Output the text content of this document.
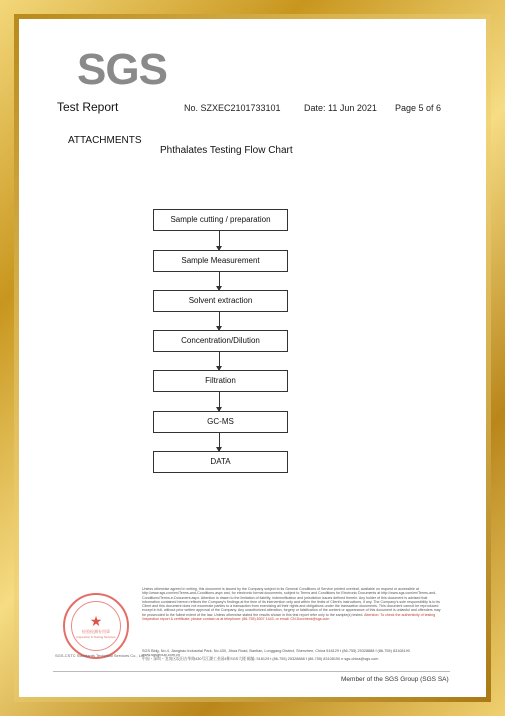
SGS
Test Report	No. SZXEC2101733101	Date: 11 Jun 2021 Page 5 of 6
ATTACHMENTS
Phthalates Testing Flow Chart
Sample cutting / preparation
Sample Measurement
Solvent extraction
Concentration/Dilution
Filtration
GC-MS
DATA
★
检验检测专用章
Inspection & Testing Services
Unless otherwise agreed in writing, this document is issued by the Company subject to its General Conditions of Service printed overleaf, available on request or accessible at http://www.sgs.com/en/Terms-and-Conditions.aspx and, for electronic format documents, subject to Terms and Conditions for Electronic Documents at http://www.sgs.com/en/Terms-and-Conditions/Terms-e-Document.aspx. Attention is drawn to the limitation of liability, indemnification and jurisdiction issues defined therein. Any holder of this document is advised that information contained hereon reflects the Company's findings at the time of its intervention only and within the limits of Client's instructions, if any. The Company's sole responsibility is to its Client and this document does not exonerate parties to a transaction from exercising all their rights and obligations under the transaction documents. This document cannot be reproduced except in full, without prior written approval of the Company. Any unauthorized alteration, forgery or falsification of the content or appearance of this document is unlawful and offenders may be prosecuted to the fullest extent of the law. Unless otherwise stated the results shown in this test report refer only to the sample(s) tested. Attention: To check the authenticity of testing /inspection report & certificate, please contact us at telephone: (86-755) 8307 1443, or email: CN.Doccheck@sgs.com
SGS Bldg, No.4, Jianghao Industrial Park, No.430, Jihua Road, Bantian, Longgang District, Shenzhen, China 518129 t (86-755) 25328888 f (86-755) 83108190 www.sgsgroup.com.cn
中国・深圳・龙岗区坂田吉华路430号江灏工业园4栋SGS大楼 邮编: 518129 t (86-755) 25328888 f (86-755) 83108190 e sgs.china@sgs.com
SGS-CSTC Standards Technical Services Co., Ltd.
Member of the SGS Group (SGS SA)
